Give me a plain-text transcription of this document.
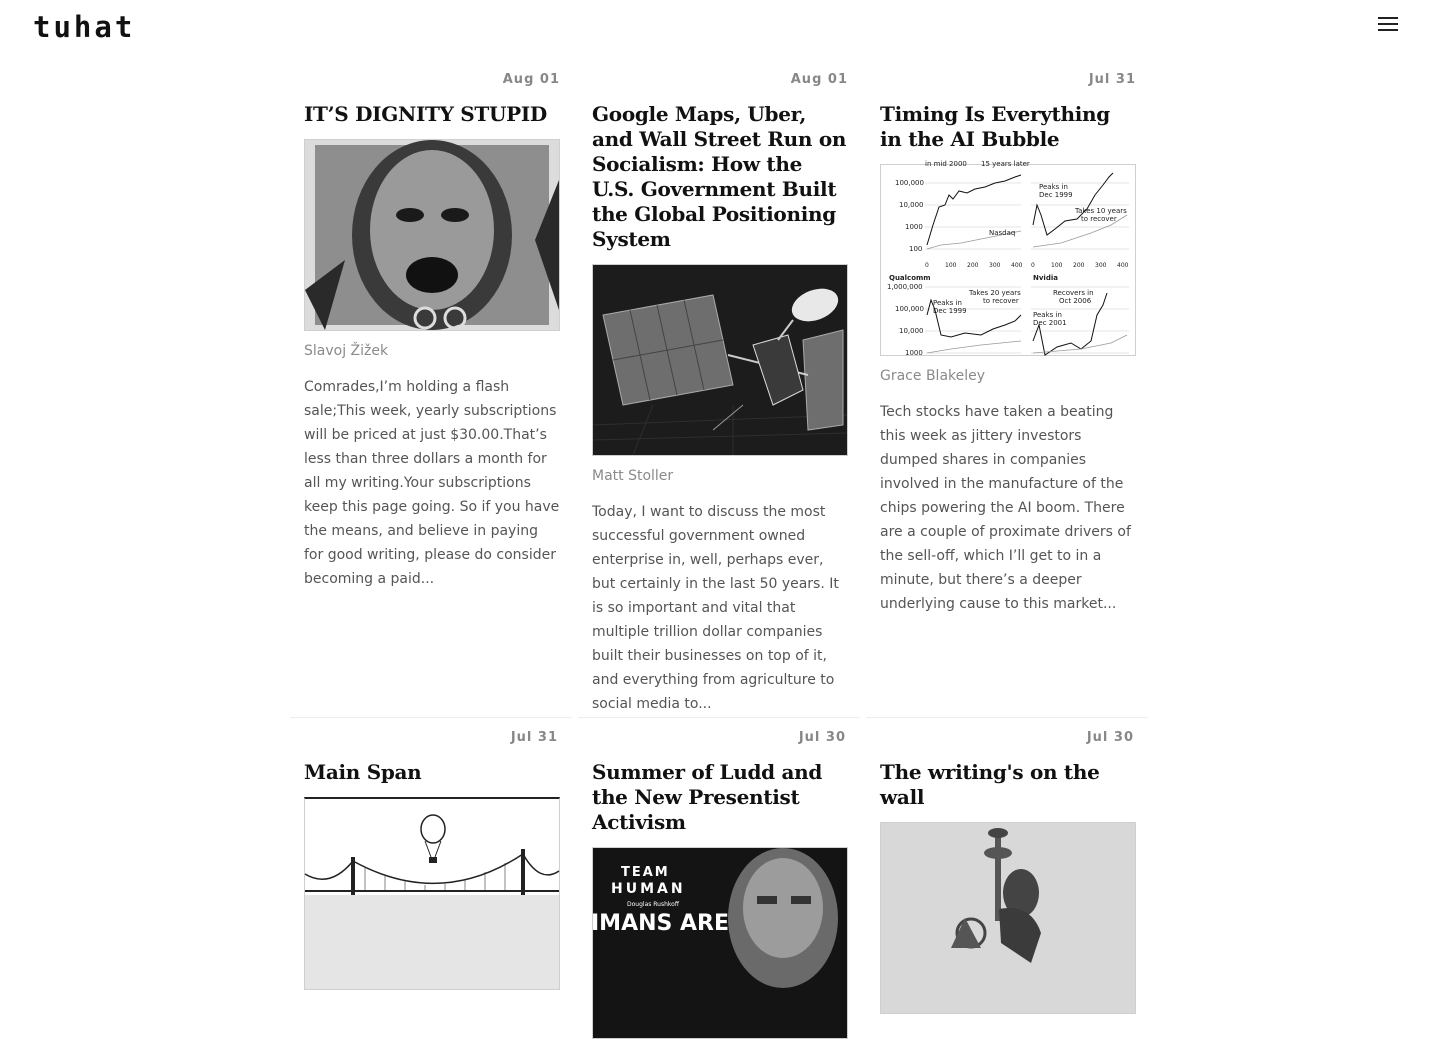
tuhat
Aug 01
IT’S DIGNITY STUPID
Slavoj Žižek
Comrades,I’m holding a flash sale;This week, yearly subscriptions will be priced at just $30.00.That’s less than three dollars a month for all my writing.Your subscriptions keep this page going. So if you have the means, and believe in paying for good writing, please do consider becoming a paid...
Aug 01
Google Maps, Uber, and Wall Street Run on Socialism: How the U.S. Government Built the Global Positioning System
Matt Stoller
Today, I want to discuss the most successful government owned enterprise in, well, perhaps ever, but certainly in the last 50 years. It is so important and vital that multiple trillion dollar companies built their businesses on top of it, and everything from agriculture to social media to...
Jul 31
Timing Is Everything in the AI Bubble
in mid 2000 15 years later
100,000
10,000
1000
100
Nasdaq
Peaks in
Dec 1999
Takes 10 years
to recover
0	100 200 300 400 0	100 200 300 400
Qualcomm	Nvidia
1,000,000
100,000
10,000
1000
Takes 20 years
to recover
Peaks in
Dec 1999
Recovers in
Oct 2006
Peaks in
Dec 2001
Grace Blakeley
Tech stocks have taken a beating this week as jittery investors dumped shares in companies involved in the manufacture of the chips powering the AI boom. There are a couple of proximate drivers of the sell-off, which I’ll get to in a minute, but there’s a deeper underlying cause to this market...
Jul 31
Main Span
Jul 30
Summer of Ludd and the New Presentist Activism
TEAM
HUMAN
Douglas Rushkoff
IMANS ARE
Jul 30
The writing's on the wall
